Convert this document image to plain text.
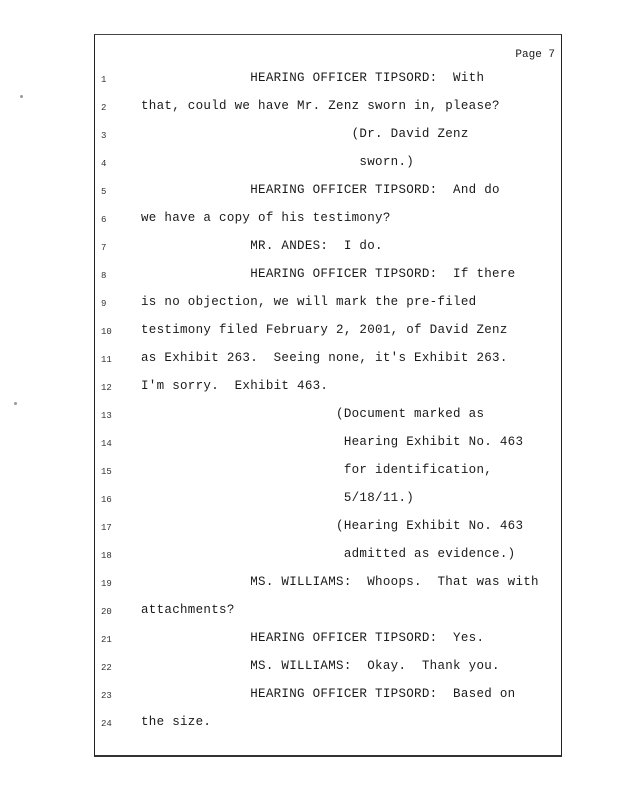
Page 7
1	HEARING OFFICER TIPSORD:  With
2	that, could we have Mr. Zenz sworn in, please?
3	(Dr. David Zenz
4	sworn.)
5	HEARING OFFICER TIPSORD:  And do
6	we have a copy of his testimony?
7	MR. ANDES:  I do.
8	HEARING OFFICER TIPSORD:  If there
9	is no objection, we will mark the pre-filed
10	testimony filed February 2, 2001, of David Zenz
11	as Exhibit 263.  Seeing none, it's Exhibit 263.
12	I'm sorry.  Exhibit 463.
13	(Document marked as
14	Hearing Exhibit No. 463
15	for identification,
16	5/18/11.)
17	(Hearing Exhibit No. 463
18	admitted as evidence.)
19	MS. WILLIAMS:  Whoops.  That was with
20	attachments?
21	HEARING OFFICER TIPSORD:  Yes.
22	MS. WILLIAMS:  Okay.  Thank you.
23	HEARING OFFICER TIPSORD:  Based on
24	the size.
